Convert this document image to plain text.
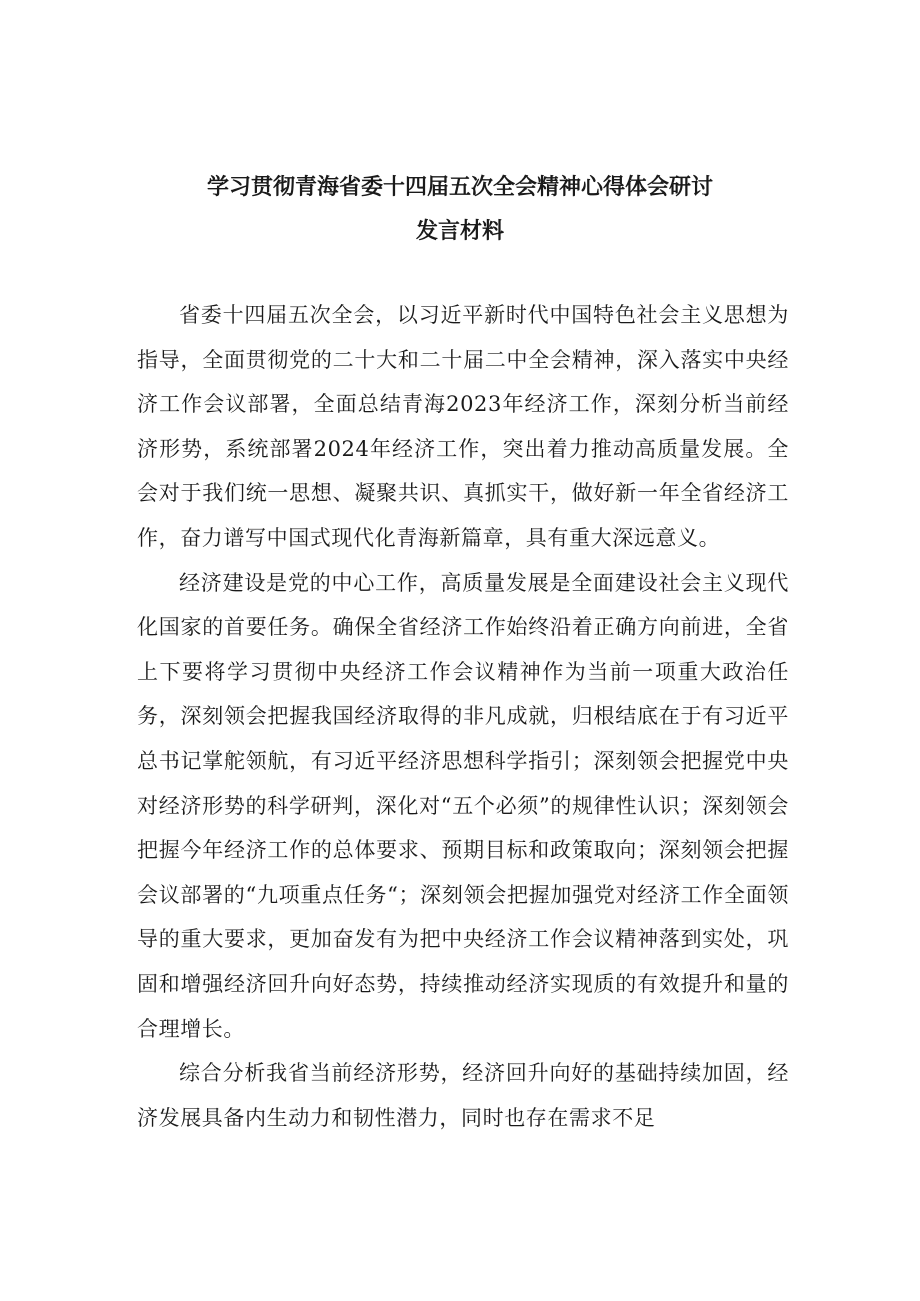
学习贯彻青海省委十四届五次全会精神心得体会研讨
发言材料

省委十四届五次全会，以习近平新时代中国特色社会主义思想为指导，全面贯彻党的二十大和二十届二中全会精神，深入落实中央经济工作会议部署，全面总结青海2023年经济工作，深刻分析当前经济形势，系统部署2024年经济工作，突出着力推动高质量发展。全会对于我们统一思想、凝聚共识、真抓实干，做好新一年全省经济工作，奋力谱写中国式现代化青海新篇章，具有重大深远意义。

经济建设是党的中心工作，高质量发展是全面建设社会主义现代化国家的首要任务。确保全省经济工作始终沿着正确方向前进，全省上下要将学习贯彻中央经济工作会议精神作为当前一项重大政治任务，深刻领会把握我国经济取得的非凡成就，归根结底在于有习近平总书记掌舵领航，有习近平经济思想科学指引；深刻领会把握党中央对经济形势的科学研判，深化对“五个必须”的规律性认识；深刻领会把握今年经济工作的总体要求、预期目标和政策取向；深刻领会把握会议部署的“九项重点任务“；深刻领会把握加强党对经济工作全面领导的重大要求，更加奋发有为把中央经济工作会议精神落到实处，巩固和增强经济回升向好态势，持续推动经济实现质的有效提升和量的合理增长。

综合分析我省当前经济形势，经济回升向好的基础持续加固，经济发展具备内生动力和韧性潜力，同时也存在需求不足
